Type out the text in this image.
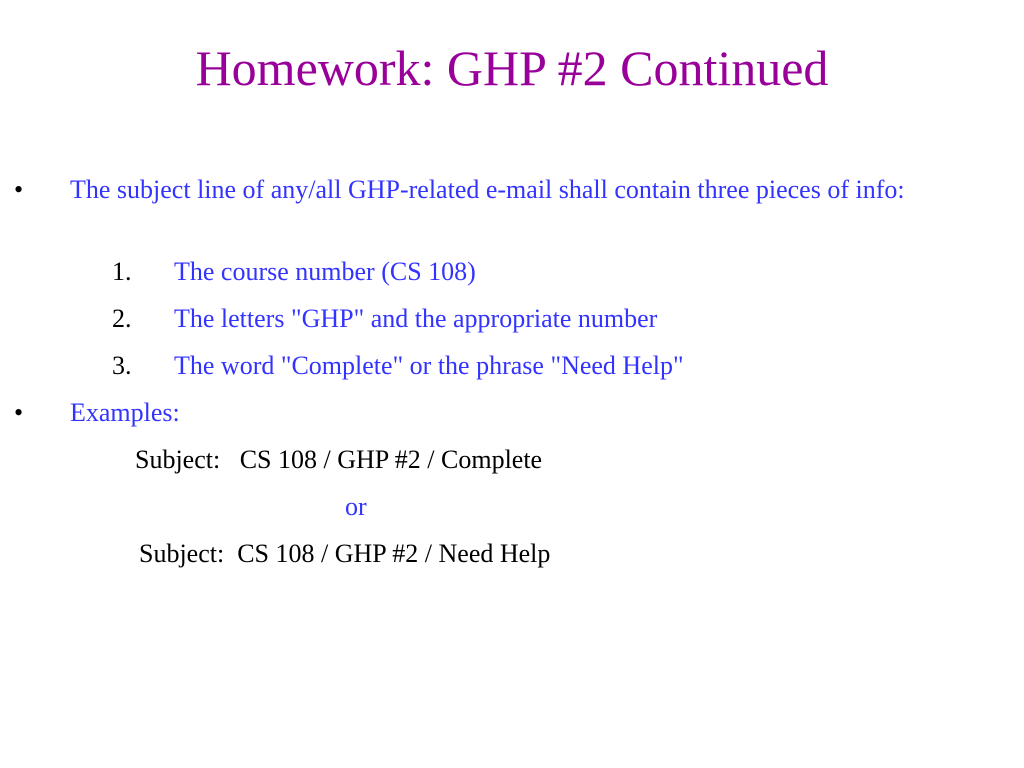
Homework: GHP #2 Continued
• The subject line of any/all GHP-related e-mail shall contain three pieces of info:
1. The course number (CS 108)
2. The letters "GHP" and the appropriate number
3. The word "Complete" or the phrase "Need Help"
• Examples:
Subject:   CS 108 / GHP #2 / Complete
or
Subject:  CS 108 / GHP #2 / Need Help
